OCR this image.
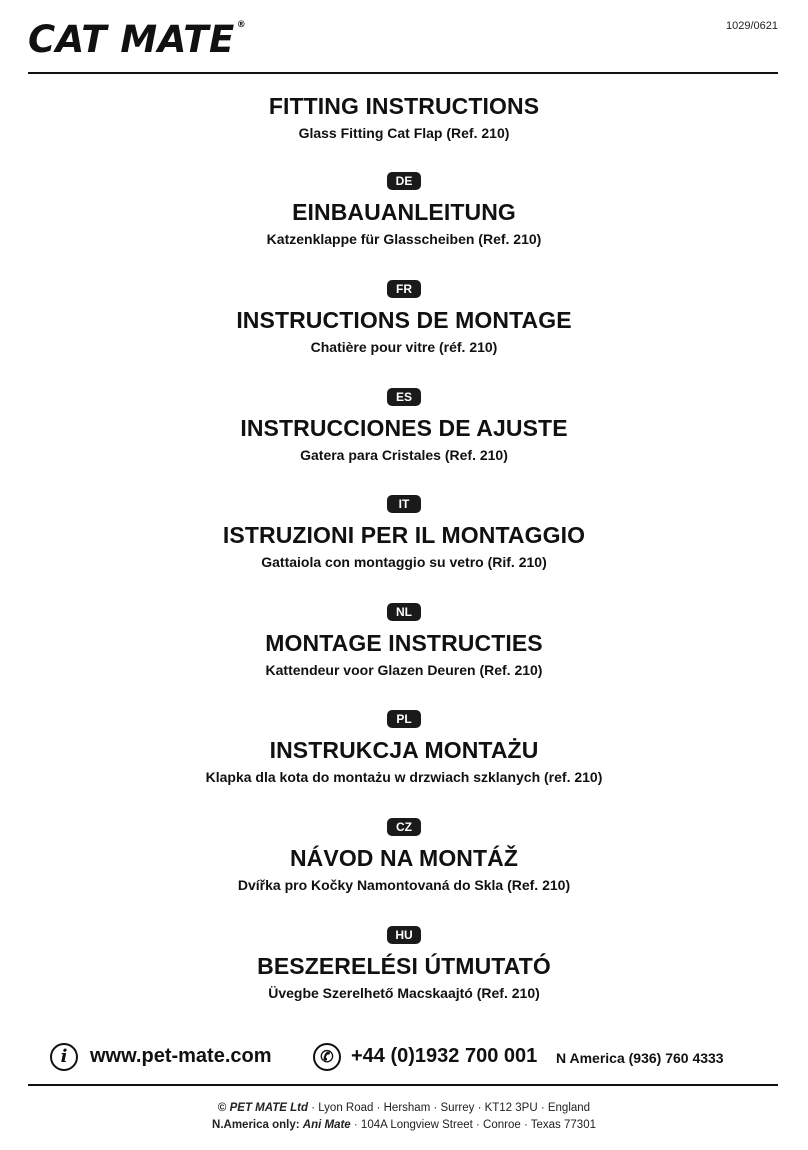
CAT MATE ®	1029/0621
FITTING INSTRUCTIONS
Glass Fitting Cat Flap (Ref. 210)
DE
EINBAUANLEITUNG
Katzenklappe für Glasscheiben (Ref. 210)
FR
INSTRUCTIONS DE MONTAGE
Chatière pour vitre (réf. 210)
ES
INSTRUCCIONES DE AJUSTE
Gatera para Cristales (Ref. 210)
IT
ISTRUZIONI PER IL MONTAGGIO
Gattaiola con montaggio su vetro (Rif. 210)
NL
MONTAGE INSTRUCTIES
Kattendeur voor Glazen Deuren (Ref. 210)
PL
INSTRUKCJA MONTAŻU
Klapka dla kota do montażu w drzwiach szklanych (ref. 210)
CZ
NÁVOD NA MONTÁŽ
Dvířka pro Kočky Namontovaná do Skla (Ref. 210)
HU
BESZERELÉSI ÚTMUTATÓ
Üvegbe Szerelhető Macskaajtó (Ref. 210)
i	www.pet-mate.com	✆ +44 (0)1932 700 001 N America (936) 760 4333
© PET MATE Ltd · Lyon Road · Hersham · Surrey · KT12 3PU · England
N.America only: Ani Mate · 104A Longview Street · Conroe · Texas 77301
